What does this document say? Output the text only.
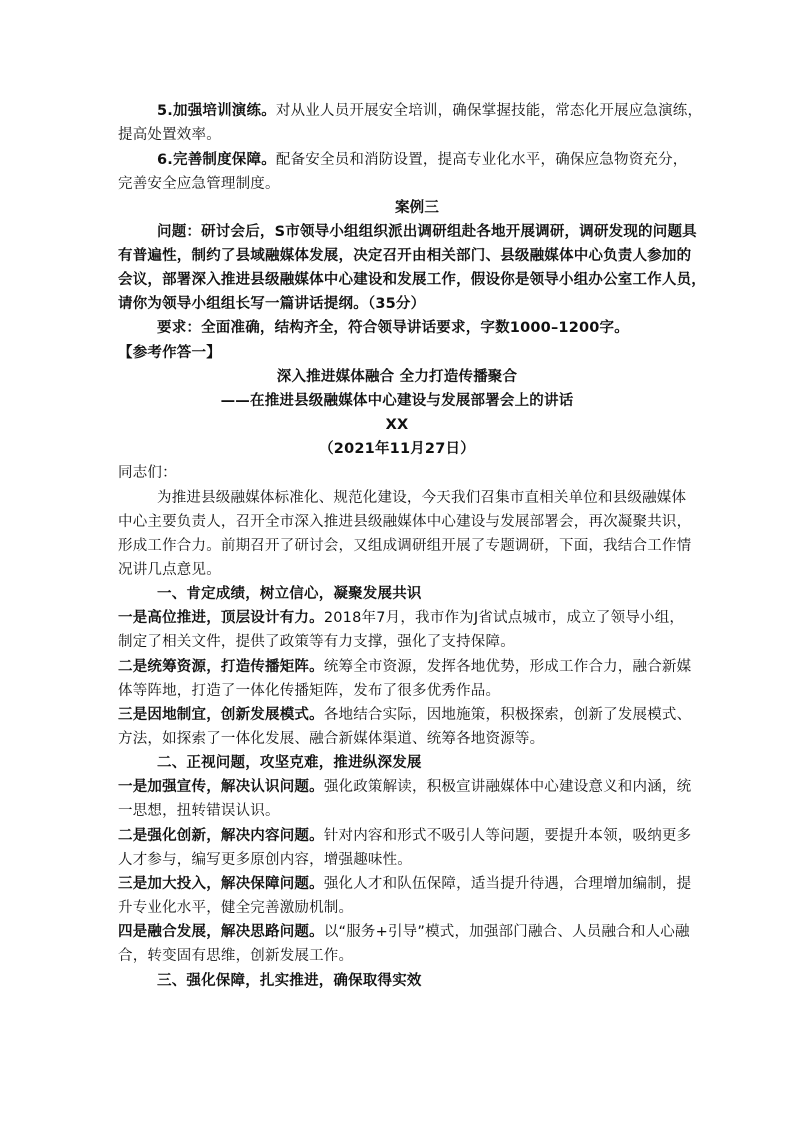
5.加强培训演练。对从业人员开展安全培训，确保掌握技能，常态化开展应急演练，
提高处置效率。
6.完善制度保障。配备安全员和消防设置，提高专业化水平，确保应急物资充分，
完善安全应急管理制度。
案例三
问题：研讨会后，S市领导小组组织派出调研组赴各地开展调研，调研发现的问题具
有普遍性，制约了县域融媒体发展，决定召开由相关部门、县级融媒体中心负责人参加的
会议，部署深入推进县级融媒体中心建设和发展工作，假设你是领导小组办公室工作人员，
请你为领导小组组长写一篇讲话提纲。（35分）
要求：全面准确，结构齐全，符合领导讲话要求，字数1000–1200字。
【参考作答一】
深入推进媒体融合 全力打造传播聚合
——在推进县级融媒体中心建设与发展部署会上的讲话
XX
（2021年11月27日）
同志们：
为推进县级融媒体标准化、规范化建设，今天我们召集市直相关单位和县级融媒体
中心主要负责人，召开全市深入推进县级融媒体中心建设与发展部署会，再次凝聚共识，
形成工作合力。前期召开了研讨会，又组成调研组开展了专题调研，下面，我结合工作情
况讲几点意见。
一、肯定成绩，树立信心，凝聚发展共识
一是高位推进，顶层设计有力。2018年7月，我市作为J省试点城市，成立了领导小组，
制定了相关文件，提供了政策等有力支撑，强化了支持保障。
二是统筹资源，打造传播矩阵。统筹全市资源，发挥各地优势，形成工作合力，融合新媒
体等阵地，打造了一体化传播矩阵，发布了很多优秀作品。
三是因地制宜，创新发展模式。各地结合实际，因地施策，积极探索，创新了发展模式、
方法，如探索了一体化发展、融合新媒体渠道、统筹各地资源等。
二、正视问题，攻坚克难，推进纵深发展
一是加强宣传，解决认识问题。强化政策解读，积极宣讲融媒体中心建设意义和内涵，统
一思想，扭转错误认识。
二是强化创新，解决内容问题。针对内容和形式不吸引人等问题，要提升本领，吸纳更多
人才参与，编写更多原创内容，增强趣味性。
三是加大投入，解决保障问题。强化人才和队伍保障，适当提升待遇，合理增加编制，提
升专业化水平，健全完善激励机制。
四是融合发展，解决思路问题。以“服务+引导”模式，加强部门融合、人员融合和人心融
合，转变固有思维，创新发展工作。
三、强化保障，扎实推进，确保取得实效
